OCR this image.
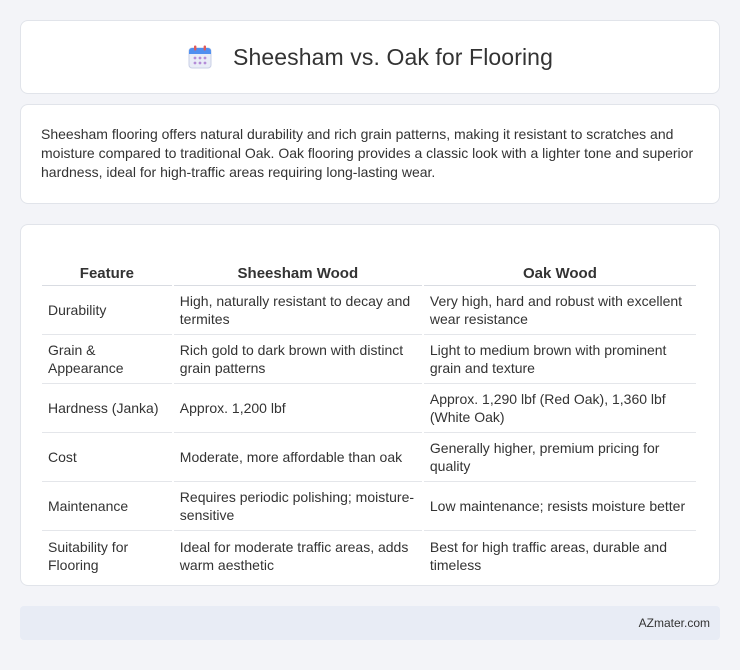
Sheesham vs. Oak for Flooring

Sheesham flooring offers natural durability and rich grain patterns, making it resistant to scratches and moisture compared to traditional Oak. Oak flooring provides a classic look with a lighter tone and superior hardness, ideal for high-traffic areas requiring long-lasting wear.

Feature	Sheesham Wood	Oak Wood
Durability	High, naturally resistant to decay and termites	Very high, hard and robust with excellent wear resistance
Grain & Appearance	Rich gold to dark brown with distinct grain patterns	Light to medium brown with prominent grain and texture
Hardness (Janka)	Approx. 1,200 lbf	Approx. 1,290 lbf (Red Oak), 1,360 lbf (White Oak)
Cost	Moderate, more affordable than oak	Generally higher, premium pricing for quality
Maintenance	Requires periodic polishing; moisture-sensitive	Low maintenance; resists moisture better
Suitability for Flooring	Ideal for moderate traffic areas, adds warm aesthetic	Best for high traffic areas, durable and timeless
AZmater.com
